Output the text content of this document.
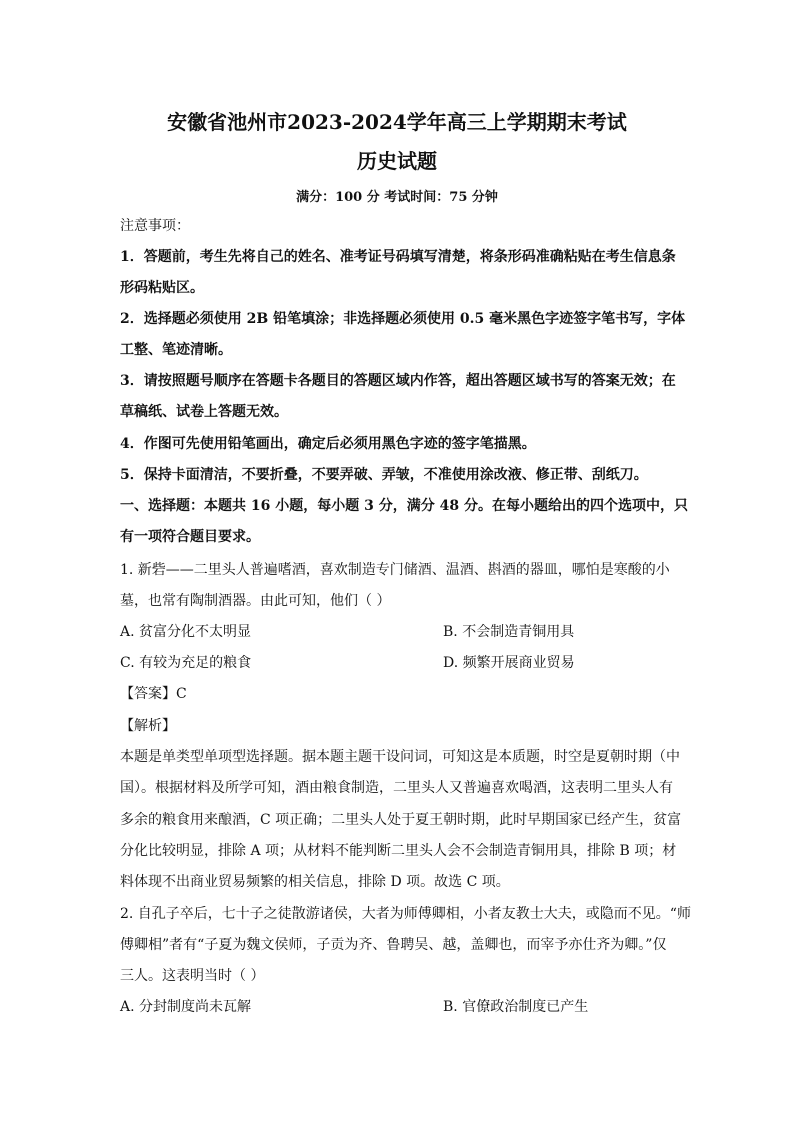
安徽省池州市2023-2024学年高三上学期期末考试
历史试题
满分：100 分 考试时间：75 分钟
注意事项：
1．答题前，考生先将自己的姓名、准考证号码填写清楚，将条形码准确粘贴在考生信息条
形码粘贴区。
2．选择题必须使用 2B 铅笔填涂；非选择题必须使用 0.5 毫米黑色字迹签字笔书写，字体
工整、笔迹清晰。
3．请按照题号顺序在答题卡各题目的答题区域内作答，超出答题区域书写的答案无效；在
草稿纸、试卷上答题无效。
4．作图可先使用铅笔画出，确定后必须用黑色字迹的签字笔描黑。
5．保持卡面清洁，不要折叠，不要弄破、弄皱，不准使用涂改液、修正带、刮纸刀。
一、选择题：本题共 16 小题，每小题 3 分，满分 48 分。在每小题给出的四个选项中，只
有一项符合题目要求。
1. 新砦——二里头人普遍嗜酒，喜欢制造专门储酒、温酒、斟酒的器皿，哪怕是寒酸的小
墓，也常有陶制酒器。由此可知，他们（ ）
A. 贫富分化不太明显	B. 不会制造青铜用具
C. 有较为充足的粮食	D. 频繁开展商业贸易
【答案】C
【解析】
本题是单类型单项型选择题。据本题主题干设问词，可知这是本质题，时空是夏朝时期（中
国）。根据材料及所学可知，酒由粮食制造，二里头人又普遍喜欢喝酒，这表明二里头人有
多余的粮食用来酿酒，C 项正确；二里头人处于夏王朝时期，此时早期国家已经产生，贫富
分化比较明显，排除 A 项；从材料不能判断二里头人会不会制造青铜用具，排除 B 项；材
料体现不出商业贸易频繁的相关信息，排除 D 项。故选 C 项。
2. 自孔子卒后，七十子之徒散游诸侯，大者为师傅卿相，小者友教士大夫，或隐而不见。“师
傅卿相”者有“子夏为魏文侯师，子贡为齐、鲁聘吴、越，盖卿也，而宰予亦仕齐为卿。”仅
三人。这表明当时（ ）
A. 分封制度尚未瓦解	B. 官僚政治制度已产生
